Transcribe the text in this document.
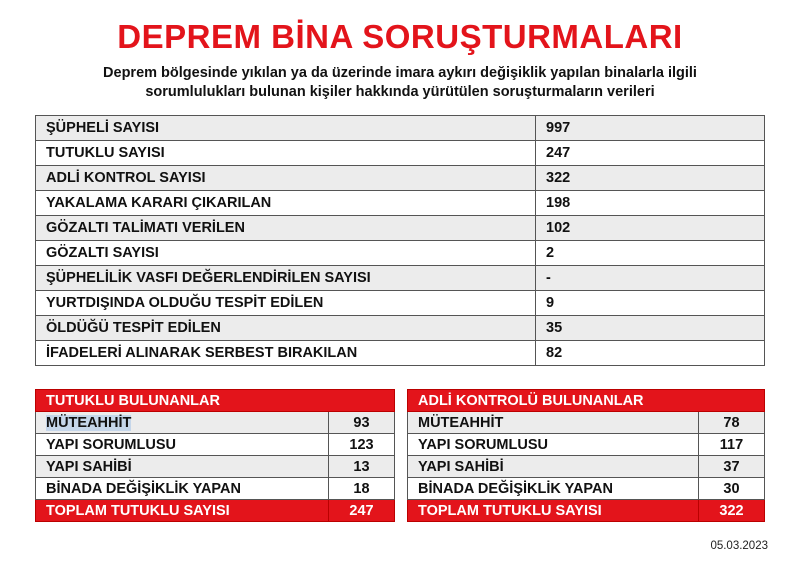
DEPREM BİNA SORUŞTURMALARI
Deprem bölgesinde yıkılan ya da üzerinde imara aykırı değişiklik yapılan binalarla ilgili
sorumlulukları bulunan kişiler hakkında yürütülen soruşturmaların verileri
ŞÜPHELİ SAYISI	997
TUTUKLU SAYISI	247
ADLİ KONTROL SAYISI	322
YAKALAMA KARARI ÇIKARILAN	198
GÖZALTI TALİMATI VERİLEN	102
GÖZALTI SAYISI	2
ŞÜPHELİLİK VASFI DEĞERLENDİRİLEN SAYISI	-
YURTDIŞINDA OLDUĞU TESPİT EDİLEN	9
ÖLDÜĞÜ TESPİT EDİLEN	35
İFADELERİ ALINARAK SERBEST BIRAKILAN	82
TUTUKLU BULUNANLAR	
MÜTEAHHİT	93
YAPI SORUMLUSU	123
YAPI SAHİBİ	13
BİNADA DEĞİŞİKLİK YAPAN	18
TOPLAM TUTUKLU SAYISI	247
ADLİ KONTROLÜ BULUNANLAR	
MÜTEAHHİT	78
YAPI SORUMLUSU	117
YAPI SAHİBİ	37
BİNADA DEĞİŞİKLİK YAPAN	30
TOPLAM TUTUKLU SAYISI	322
05.03.2023
